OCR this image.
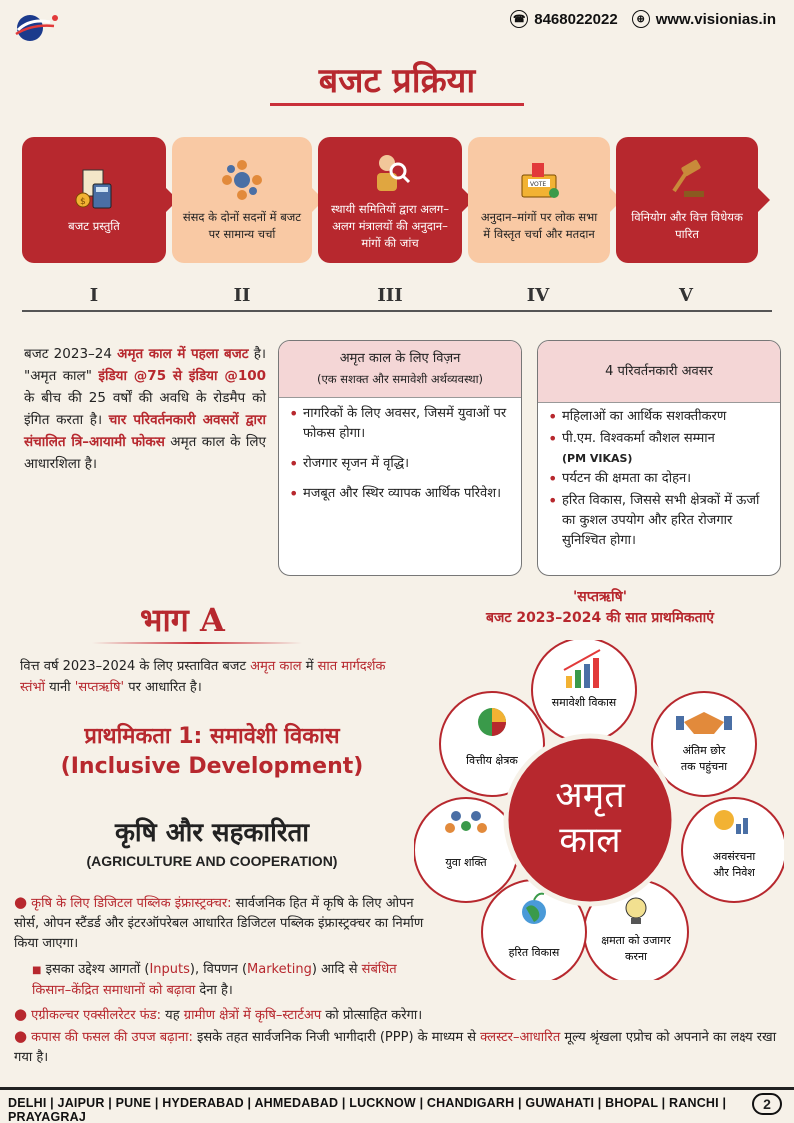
☎ 8468022022	⊕ www.visionias.in
बजट प्रक्रिया
$
बजट प्रस्तुति
संसद के दोनों सदनों में बजट पर सामान्य चर्चा
स्थायी समितियों द्वारा अलग–अलग मंत्रालयों की अनुदान–मांगों की जांच
VOTE
अनुदान–मांगों पर लोक सभा में विस्तृत चर्चा और मतदान
विनियोग और वित्त विधेयक पारित
I	II	III	IV	V
बजट 2023–24 अमृत काल में पहला बजट है। "अमृत काल" इंडिया @75 से इंडिया @100 के बीच की 25 वर्षों की अवधि के रोडमैप को इंगित करता है। चार परिवर्तनकारी अवसरों द्वारा संचालित त्रि–आयामी फोकस अमृत काल के लिए आधारशिला है।
अमृत काल के लिए विज़न
(एक सशक्त और समावेशी अर्थव्यवस्था)
• नागरिकों के लिए अवसर, जिसमें युवाओं पर फोकस होगा।
• रोजगार सृजन में वृद्धि।
• मजबूत और स्थिर व्यापक आर्थिक परिवेश।
4 परिवर्तनकारी अवसर
• महिलाओं का आर्थिक सशक्तीकरण
• पी.एम. विश्वकर्मा कौशल सम्मान
(PM VIKAS)
• पर्यटन की क्षमता का दोहन।
• हरित विकास, जिससे सभी क्षेत्रकों में ऊर्जा का कुशल उपयोग और हरित रोजगार सुनिश्चित होगा।
भाग A
वित्त वर्ष 2023–2024 के लिए प्रस्तावित बजट अमृत काल में सात मार्गदर्शक स्तंभों यानी 'सप्तऋषि' पर आधारित है।
प्राथमिकता 1: समावेशी विकास
(Inclusive Development)
कृषि और सहकारिता
(AGRICULTURE AND COOPERATION)
'सप्तऋषि'
बजट 2023–2024 की सात प्राथमिकताएं
समावेशी विकास
अंतिम छोर
तक पहुंचना
अवसंरचना
और निवेश
क्षमता को उजागर
करना
हरित विकास
युवा शक्ति
वित्तीय क्षेत्रक
अमृत
काल
● कृषि के लिए डिजिटल पब्लिक इंफ्रास्ट्रक्चर: सार्वजनिक हित में कृषि के लिए ओपन सोर्स, ओपन स्टैंडर्ड और इंटरऑपरेबल आधारित डिजिटल पब्लिक इंफ्रास्ट्रक्चर का निर्माण किया जाएगा।
■ इसका उद्देश्य आगतों (Inputs), विपणन (Marketing) आदि से संबंधित किसान–केंद्रित समाधानों को बढ़ावा देना है।
● एग्रीकल्चर एक्सीलरेटर फंड: यह ग्रामीण क्षेत्रों में कृषि–स्टार्टअप को प्रोत्साहित करेगा।
● कपास की फसल की उपज बढ़ाना: इसके तहत सार्वजनिक निजी भागीदारी (PPP) के माध्यम से क्लस्टर–आधारित मूल्य श्रृंखला एप्रोच को अपनाने का लक्ष्य रखा गया है।
DELHI | JAIPUR | PUNE | HYDERABAD | AHMEDABAD | LUCKNOW | CHANDIGARH | GUWAHATI | BHOPAL | RANCHI | PRAYAGRAJ
2
